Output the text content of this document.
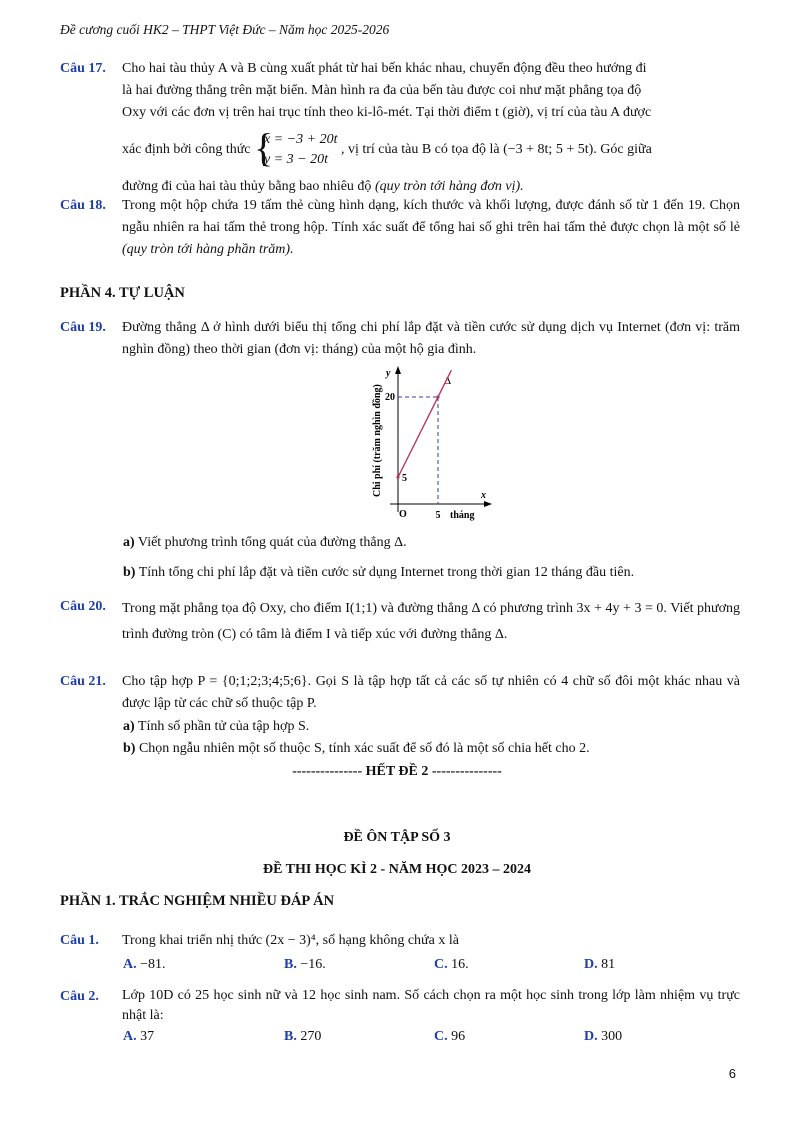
Đề cương cuối HK2 – THPT Việt Đức – Năm học 2025-2026
Câu 17. Cho hai tàu thủy A và B cùng xuất phát từ hai bến khác nhau, chuyển động đều theo hướng đi
là hai đường thẳng trên mặt biển. Màn hình ra đa của bến tàu được coi như mặt phẳng tọa độ
Oxy với các đơn vị trên hai trục tính theo ki-lô-mét. Tại thời điểm t (giờ), vị trí của tàu A được
xác định bởi công thức {
x = −3 + 20t
y = 3 − 20t
, vị trí của tàu B có tọa độ là (−3 + 8t; 5 + 5t). Góc giữa
đường đi của hai tàu thủy bằng bao nhiêu độ (quy tròn tới hàng đơn vị).
Câu 18. Trong một hộp chứa 19 tấm thẻ cùng hình dạng, kích thước và khối lượng, được đánh số từ 1 đến 19. Chọn ngẫu nhiên ra hai tấm thẻ trong hộp. Tính xác suất để tổng hai số ghi trên hai tấm thẻ được chọn là một số lẻ (quy tròn tới hàng phần trăm).
PHẦN 4. TỰ LUẬN
Câu 19. Đường thẳng Δ ở hình dưới biểu thị tổng chi phí lắp đặt và tiền cước sử dụng dịch vụ Internet (đơn vị: trăm nghìn đồng) theo thời gian (đơn vị: tháng) của một hộ gia đình.
Chi phí (trăm nghìn đồng)
y
x
O
20
5
5 tháng
Δ
a) Viết phương trình tổng quát của đường thẳng Δ.
b) Tính tổng chi phí lắp đặt và tiền cước sử dụng Internet trong thời gian 12 tháng đầu tiên.
Câu 20. Trong mặt phẳng tọa độ Oxy, cho điểm I(1;1) và đường thẳng Δ có phương trình 3x + 4y + 3 = 0. Viết phương trình đường tròn (C) có tâm là điểm I và tiếp xúc với đường thẳng Δ.
Câu 21. Cho tập hợp P = {0;1;2;3;4;5;6}. Gọi S là tập hợp tất cả các số tự nhiên có 4 chữ số đôi một khác nhau và được lập từ các chữ số thuộc tập P.
a) Tính số phần tử của tập hợp S.
b) Chọn ngẫu nhiên một số thuộc S, tính xác suất để số đó là một số chia hết cho 2.
--------------- HẾT ĐỀ 2 ---------------
ĐỀ ÔN TẬP SỐ 3
ĐỀ THI HỌC KÌ 2 - NĂM HỌC 2023 – 2024
PHẦN 1. TRẮC NGHIỆM NHIỀU ĐÁP ÁN
Câu 1. Trong khai triển nhị thức (2x − 3)⁴, số hạng không chứa x là
A. −81.	B. −16.	C. 16.	D. 81
Câu 2. Lớp 10D có 25 học sinh nữ và 12 học sinh nam. Số cách chọn ra một học sinh trong lớp làm nhiệm vụ trực nhật là:
A. 37	B. 270	C. 96	D. 300
6
